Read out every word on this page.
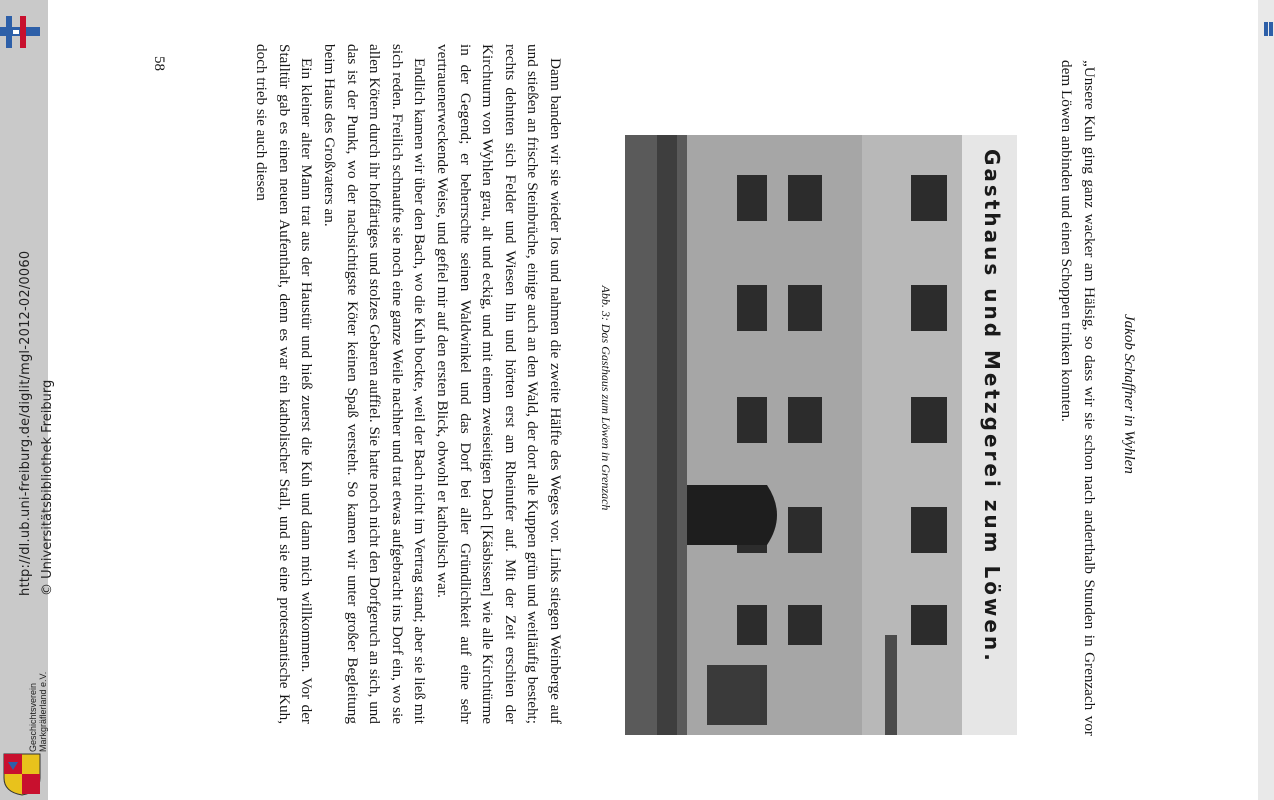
http://dl.ub.uni-freiburg.de/diglit/mgl-2012-02/0060 © Universitätsbibliothek Freiburg
Geschichtsverein Markgräflerland e.V.
Jakob Schaffner in Wyhlen
„Unsere Kuh ging ganz wacker am Hälsig, so dass wir sie schon nach anderthalb Stunden in Grenzach vor dem Löwen anbinden und einen Schoppen trinken konnten.
Gasthaus und Metzgerei zum Löwen.
Abb. 3: Das Gasthaus zum Löwen in Grenzach

Dann banden wir sie wieder los und nahmen die zweite Hälfte des Weges vor. Links stiegen Weinberge auf und stießen an frische Steinbrüche, einige auch an den Wald, der dort alle Kuppen grün und weitläufig besteht; rechts dehnten sich Felder und Wiesen hin und hörten erst am Rheinufer auf. Mit der Zeit erschien der Kirchturm von Wyhlen grau, alt und eckig, und mit einem zweiseitigen Dach [Käsbissen] wie alle Kirchtürme in der Gegend; er beherrschte seinen Waldwinkel und das Dorf bei aller Gründlichkeit auf eine sehr vertrauenerweckende Weise, und gefiel mir auf den ersten Blick, obwohl er katholisch war.

Endlich kamen wir über den Bach, wo die Kuh bockte, weil der Bach nicht im Vertrag stand; aber sie ließ mit sich reden. Freilich schnaufte sie noch eine ganze Weile nachher und trat etwas aufgebracht ins Dorf ein, wo sie allen Kötern durch ihr hoffärtiges und stolzes Gebaren auffiel. Sie hatte noch nicht den Dorfgeruch an sich, und das ist der Punkt, wo der nachsichtigste Köter keinen Spaß versteht. So kamen wir unter großer Begleitung beim Haus des Großvaters an.

Ein kleiner alter Mann trat aus der Haustür und hieß zuerst die Kuh und dann mich willkommen. Vor der Stalltür gab es einen neuen Aufenthalt, denn es war ein katholischer Stall, und sie eine protestantische Kuh, doch trieb sie auch diesen

58
